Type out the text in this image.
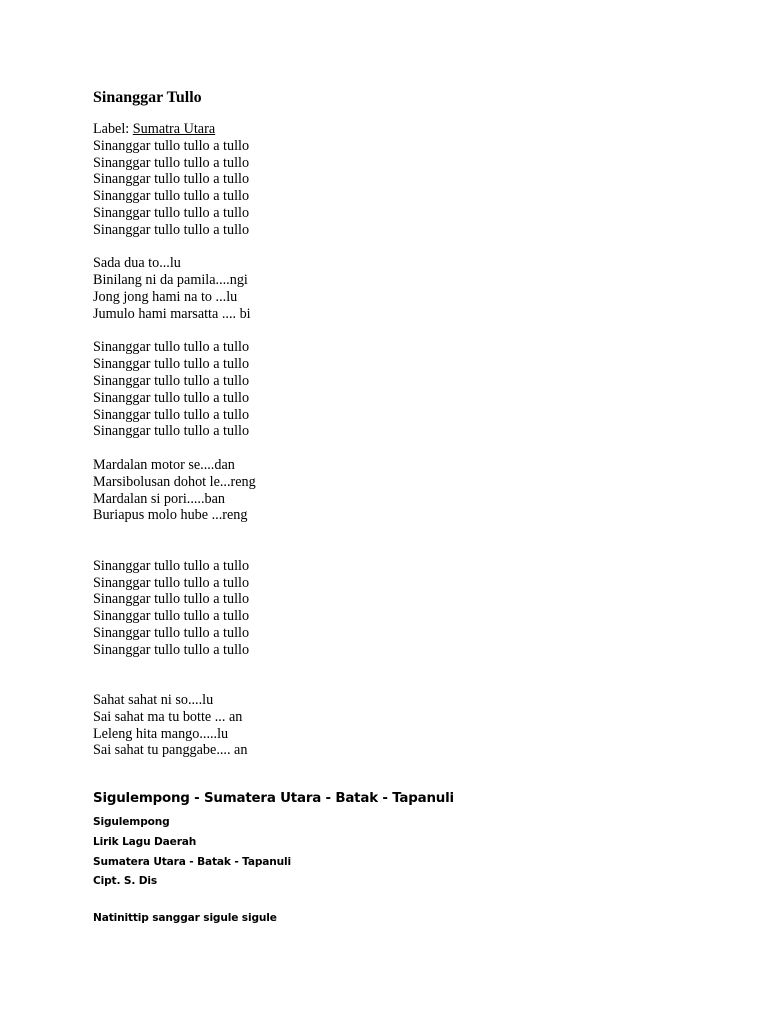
Sinanggar Tullo
Label: Sumatra Utara
Sinanggar tullo tullo a tullo
Sinanggar tullo tullo a tullo
Sinanggar tullo tullo a tullo
Sinanggar tullo tullo a tullo
Sinanggar tullo tullo a tullo
Sinanggar tullo tullo a tullo
Sada dua to...lu
Binilang ni da pamila....ngi
Jong jong hami na to ...lu
Jumulo hami marsatta .... bi
Sinanggar tullo tullo a tullo
Sinanggar tullo tullo a tullo
Sinanggar tullo tullo a tullo
Sinanggar tullo tullo a tullo
Sinanggar tullo tullo a tullo
Sinanggar tullo tullo a tullo
Mardalan motor se....dan
Marsibolusan dohot le...reng
Mardalan si pori.....ban
Buriapus molo hube ...reng
Sinanggar tullo tullo a tullo
Sinanggar tullo tullo a tullo
Sinanggar tullo tullo a tullo
Sinanggar tullo tullo a tullo
Sinanggar tullo tullo a tullo
Sinanggar tullo tullo a tullo
Sahat sahat ni so....lu
Sai sahat ma tu botte ... an
Leleng hita mango.....lu
Sai sahat tu panggabe.... an
Sigulempong - Sumatera Utara - Batak - Tapanuli
Sigulempong
Lirik Lagu Daerah
Sumatera Utara - Batak - Tapanuli
Cipt. S. Dis
Natinittip sanggar sigule sigule
